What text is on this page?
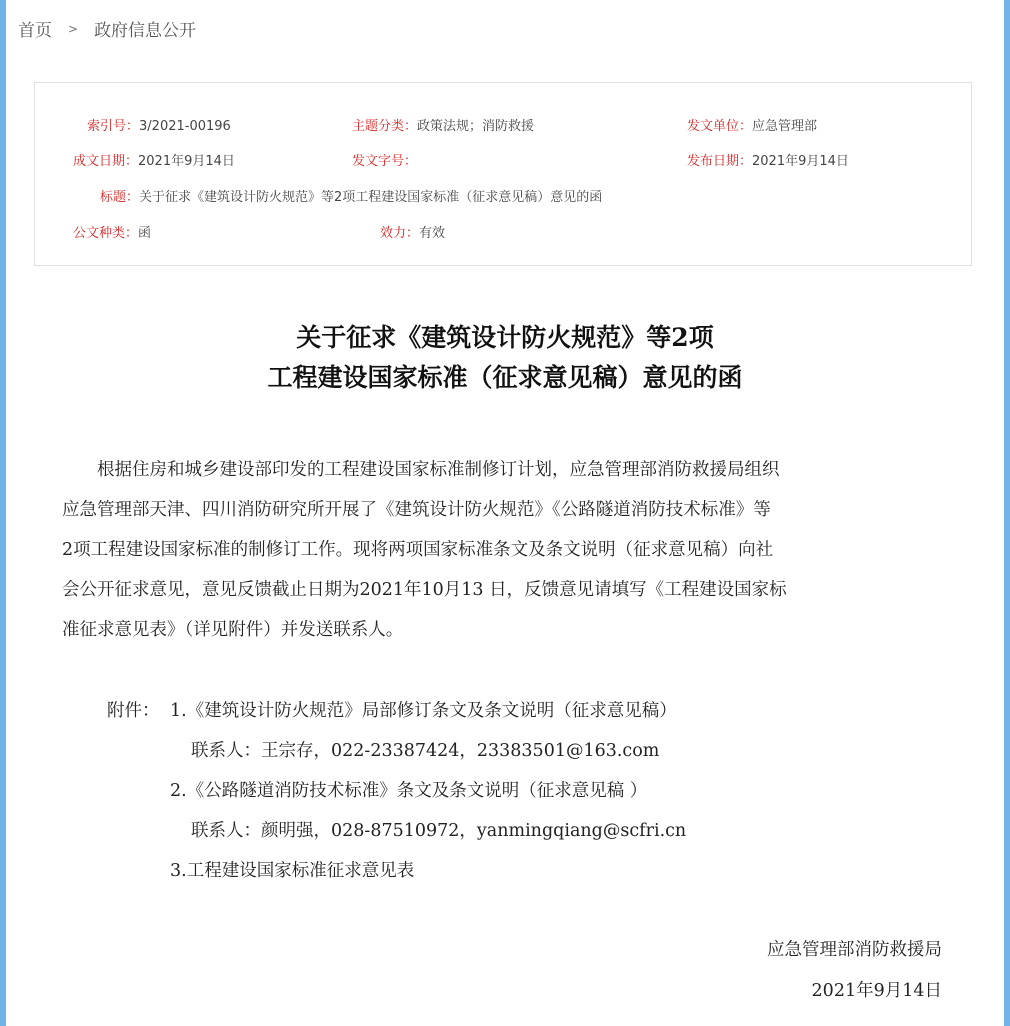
首页 > 政府信息公开
索引号：3/2021-00196	主题分类：政策法规；消防救援	发文单位：应急管理部
成文日期：2021年9月14日	发文字号：	发布日期：2021年9月14日
标题：关于征求《建筑设计防火规范》等2项工程建设国家标准（征求意见稿）意见的函
公文种类：函	效力：有效
关于征求《建筑设计防火规范》等2项
工程建设国家标准（征求意见稿）意见的函
　　根据住房和城乡建设部印发的工程建设国家标准制修订计划，应急管理部消防救援局组织
应急管理部天津、四川消防研究所开展了《建筑设计防火规范》《公路隧道消防技术标准》等
2项工程建设国家标准的制修订工作。现将两项国家标准条文及条文说明（征求意见稿）向社
会公开征求意见，意见反馈截止日期为2021年10月13 日，反馈意见请填写《工程建设国家标
准征求意见表》（详见附件）并发送联系人。
附件： 1.《建筑设计防火规范》局部修订条文及条文说明（征求意见稿）
联系人：王宗存，022-23387424，23383501@163.com
2.《公路隧道消防技术标准》条文及条文说明（征求意见稿 ）
联系人：颜明强，028-87510972，yanmingqiang@scfri.cn
3.工程建设国家标准征求意见表
应急管理部消防救援局
2021年9月14日
